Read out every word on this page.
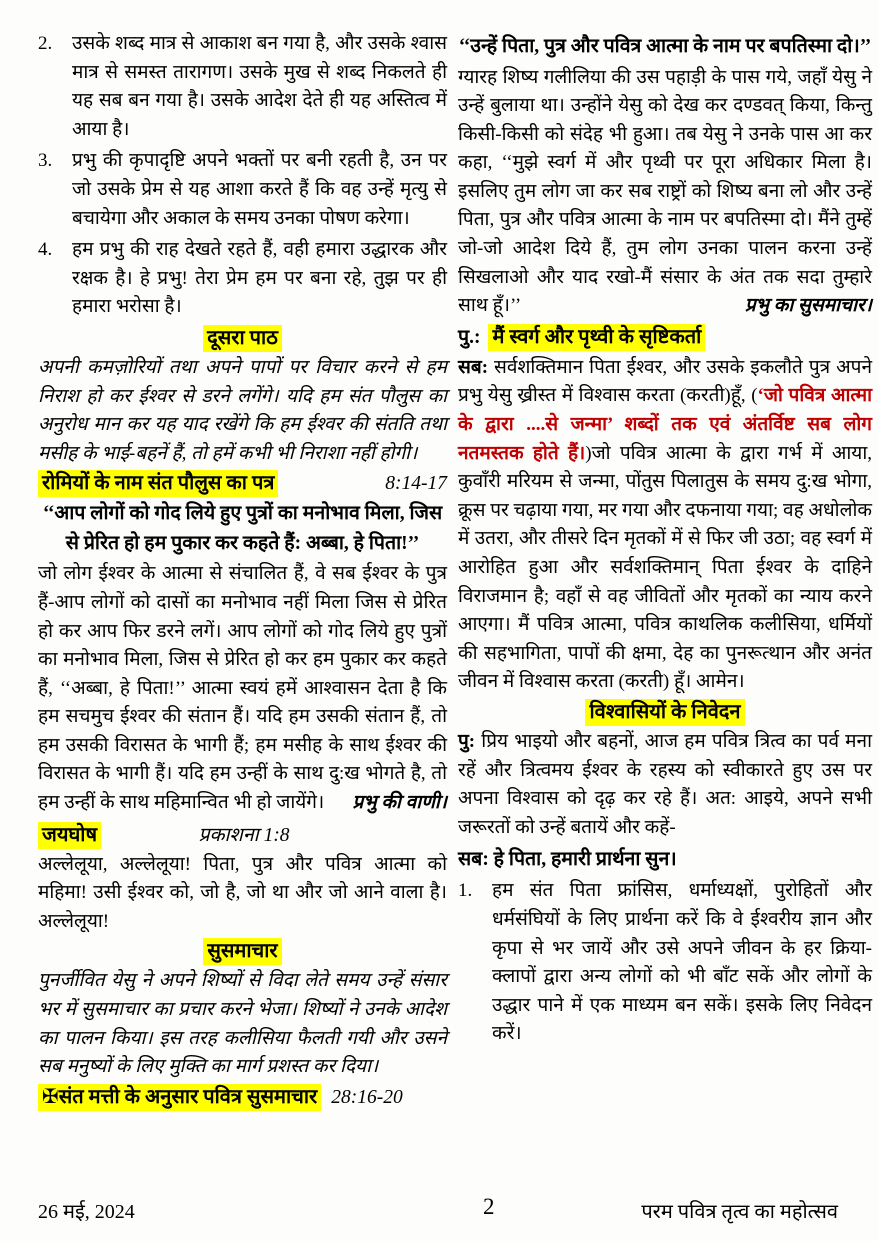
2.	उसके शब्द मात्र से आकाश बन गया है, और उसके श्वास मात्र से समस्त तारागण। उसके मुख से शब्द निकलते ही यह सब बन गया है। उसके आदेश देते ही यह अस्तित्व में आया है।
3.	प्रभु की कृपादृष्टि अपने भक्तों पर बनी रहती है, उन पर जो उसके प्रेम से यह आशा करते हैं कि वह उन्हें मृत्यु से बचायेगा और अकाल के समय उनका पोषण करेगा।
4.	हम प्रभु की राह देखते रहते हैं, वही हमारा उद्धारक और रक्षक है। हे प्रभु! तेरा प्रेम हम पर बना रहे, तुझ पर ही हमारा भरोसा है।
दूसरा पाठ

अपनी कमज़ोरियों तथा अपने पापों पर विचार करने से हम निराश हो कर ईश्वर से डरने लगेंगे। यदि हम संत पौलुस का अनुरोध मान कर यह याद रखेंगे कि हम ईश्वर की संतति तथा मसीह के भाई-बहनें हैं, तो हमें कभी भी निराशा नहीं होगी।

रोमियों के नाम संत पौलुस का पत्र	8:14-17
‘‘आप लोगों को गोद लिये हुए पुत्रों का मनोभाव मिला, जिस से प्रेरित हो हम पुकार कर कहते हैं: अब्बा, हे पिता!’’

जो लोग ईश्वर के आत्मा से संचालित हैं, वे सब ईश्वर के पुत्र हैं-आप लोगों को दासों का मनोभाव नहीं मिला जिस से प्रेरित हो कर आप फिर डरने लगें। आप लोगों को गोद लिये हुए पुत्रों का मनोभाव मिला, जिस से प्रेरित हो कर हम पुकार कर कहते हैं, ‘‘अब्बा, हे पिता!’’ आत्मा स्वयं हमें आश्वासन देता है कि हम सचमुच ईश्वर की संतान हैं। यदि हम उसकी संतान हैं, तो हम उसकी विरासत के भागी हैं; हम मसीह के साथ ईश्वर की विरासत के भागी हैं। यदि हम उन्हीं के साथ दु:ख भोगते है, तो हम उन्हीं के साथ महिमान्वित भी हो जायेंगे।	प्रभु की वाणी।

जयघोष	प्रकाशना 1:8

अल्लेलूया, अल्लेलूया! पिता, पुत्र और पवित्र आत्मा को महिमा! उसी ईश्वर को, जो है, जो था और जो आने वाला है। अल्लेलूया!

सुसमाचार

पुनर्जीवित येसु ने अपने शिष्यों से विदा लेते समय उन्हें संसार भर में सुसमाचार का प्रचार करने भेजा। शिष्यों ने उनके आदेश का पालन किया। इस तरह कलीसिया फैलती गयी और उसने सब मनुष्यों के लिए मुक्ति का मार्ग प्रशस्त कर दिया।

✠संत मत्ती के अनुसार पवित्र सुसमाचार 28:16-20
‘‘उन्हें पिता, पुत्र और पवित्र आत्मा के नाम पर बपतिस्मा दो।’’

ग्यारह शिष्य गलीलिया की उस पहाड़ी के पास गये, जहाँ येसु ने उन्हें बुलाया था। उन्होंने येसु को देख कर दण्डवत् किया, किन्तु किसी-किसी को संदेह भी हुआ। तब येसु ने उनके पास आ कर कहा, ‘‘मुझे स्वर्ग में और पृथ्वी पर पूरा अधिकार मिला है। इसलिए तुम लोग जा कर सब राष्ट्रों को शिष्य बना लो और उन्हें पिता, पुत्र और पवित्र आत्मा के नाम पर बपतिस्मा दो। मैंने तुम्हें जो-जो आदेश दिये हैं, तुम लोग उनका पालन करना उन्हें सिखलाओ और याद रखो-मैं संसार के अंत तक सदा तुम्हारे साथ हूँ।’’	प्रभु का सुसमाचार।

पु.: मैं स्वर्ग और पृथ्वी के सृष्टिकर्ता

सब: सर्वशक्तिमान पिता ईश्वर, और उसके इकलौते पुत्र अपने प्रभु येसु ख्रीस्त में विश्वास करता (करती)हूँ, (‘जो पवित्र आत्मा के द्वारा ....से जन्मा’ शब्दों तक एवं अंतर्विष्ट सब लोग नतमस्तक होते हैं।)जो पवित्र आत्मा के द्वारा गर्भ में आया, कुवाँरी मरियम से जन्मा, पोंतुस पिलातुस के समय दु:ख भोगा, क्रूस पर चढ़ाया गया, मर गया और दफनाया गया; वह अधोलोक में उतरा, और तीसरे दिन मृतकों में से फिर जी उठा; वह स्वर्ग में आरोहित हुआ और सर्वशक्तिमान् पिता ईश्वर के दाहिने विराजमान है; वहाँ से वह जीवितों और मृतकों का न्याय करने आएगा। मैं पवित्र आत्मा, पवित्र काथलिक कलीसिया, धर्मियों की सहभागिता, पापों की क्षमा, देह का पुनरूत्थान और अनंत जीवन में विश्वास करता (करती) हूँ। आमेन।

विश्वासियों के निवेदन

पु: प्रिय भाइयो और बहनों, आज हम पवित्र त्रित्व का पर्व मना रहें और त्रित्वमय ईश्वर के रहस्य को स्वीकारते हुए उस पर अपना विश्वास को दृढ़ कर रहे हैं। अत: आइये, अपने सभी जरूरतों को उन्हें बतायें और कहें-

सब: हे पिता, हमारी प्रार्थना सुन।
1.	हम संत पिता फ्रांसिस, धर्माध्यक्षों, पुरोहितों और धर्मसंघियों के लिए प्रार्थना करें कि वे ईश्वरीय ज्ञान और कृपा से भर जायें और उसे अपने जीवन के हर क्रिया-क्लापों द्वारा अन्य लोगों को भी बाँट सकें और लोगों के उद्धार पाने में एक माध्यम बन सकें। इसके लिए निवेदन करें।
26 मई, 2024	2	परम पवित्र तृत्व का महोत्सव
